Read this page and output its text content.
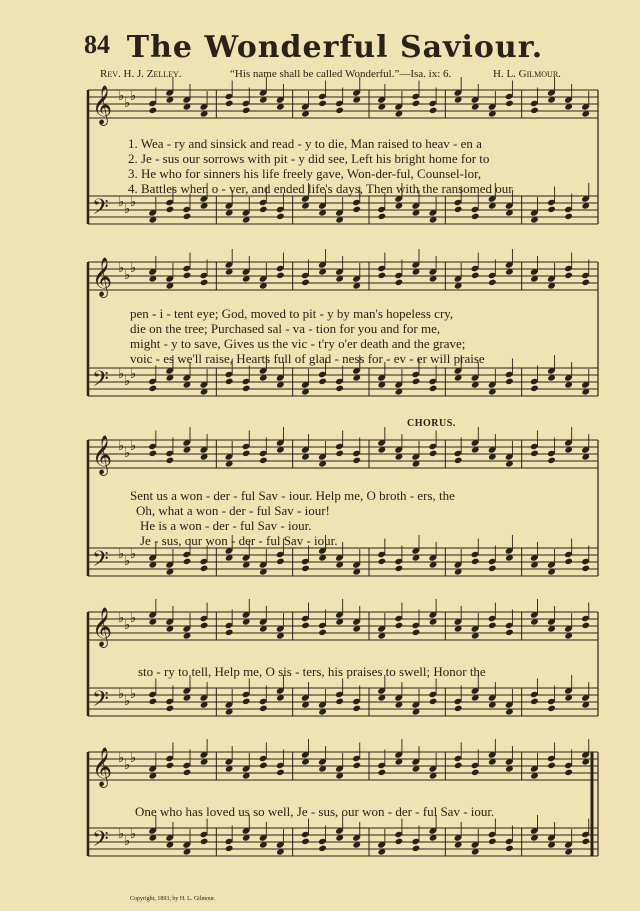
84 The Wonderful Saviour.
Rev. H. J. Zelley.	“His name shall be called Wonderful.”—Isa. ix: 6.	H. L. Gilmour.
𝄞
𝄢
♭ ♭ ♭
♭ ♭ ♭
𝄞
𝄢
♭ ♭ ♭
♭ ♭ ♭
𝄞
𝄢
♭ ♭ ♭
♭ ♭ ♭
𝄞
𝄢
♭ ♭ ♭
♭ ♭ ♭
𝄞
𝄢
♭ ♭ ♭
♭ ♭ ♭
1. Wea - ry and sinsick and read - y to die, Man raised to heav - en a
2. Je - sus our sorrows with pit - y did see, Left his bright home for to
3. He who for sinners his life freely gave, Won-der-ful, Counsel-lor,
4. Battles when o - ver, and ended life's days, Then with the ransomed our
pen - i - tent eye; God, moved to pit - y by man's hopeless cry,
die on the tree; Purchased sal - va - tion for you and for me,
might - y to save, Gives us the vic - t'ry o'er death and the grave;
voic - es we'll raise, Hearts full of glad - ness for - ev - er will praise
CHORUS.
Sent us a won - der - ful Sav - iour. Help me, O broth - ers, the
Oh, what a won - der - ful Sav - iour!
He is a won - der - ful Sav - iour.
Je - sus, our won - der - ful Sav - iour.
sto - ry to tell, Help me, O sis - ters, his praises to swell; Honor the
One who has loved us so well, Je - sus, our won - der - ful Sav - iour.
Copyright, 1893, by H. L. Gilmour.
